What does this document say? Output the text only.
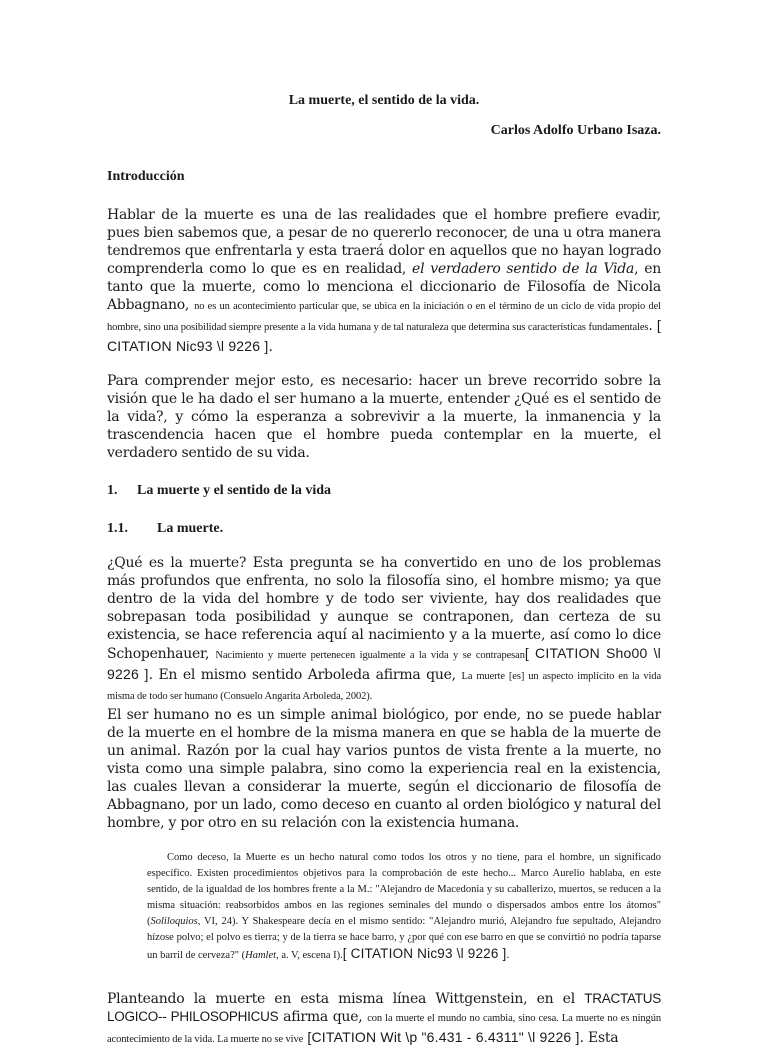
La muerte, el sentido de la vida.

Carlos Adolfo Urbano Isaza.

Introducción

Hablar de la muerte es una de las realidades que el hombre prefiere evadir, pues bien sabemos que, a pesar de no quererlo reconocer, de una u otra manera tendremos que enfrentarla y esta traerá dolor en aquellos que no hayan logrado comprenderla como lo que es en realidad, el verdadero sentido de la Vida, en tanto que la muerte, como lo menciona el diccionario de Filosofía de Nicola Abbagnano, no es un acontecimiento particular que, se ubica en la iniciación o en el término de un ciclo de vida propio del hombre, sino una posibilidad siempre presente a la vida humana y de tal naturaleza que determina sus características fundamentales. [ CITATION Nic93 \l 9226 ].

Para comprender mejor esto, es necesario: hacer un breve recorrido sobre la visión que le ha dado el ser humano a la muerte, entender ¿Qué es el sentido de la vida?, y cómo la esperanza a sobrevivir a la muerte, la inmanencia y la trascendencia hacen que el hombre pueda contemplar en la muerte, el verdadero sentido de su vida.

1. La muerte y el sentido de la vida

1.1. La muerte.

¿Qué es la muerte? Esta pregunta se ha convertido en uno de los problemas más profundos que enfrenta, no solo la filosofía sino, el hombre mismo; ya que dentro de la vida del hombre y de todo ser viviente, hay dos realidades que sobrepasan toda posibilidad y aunque se contraponen, dan certeza de su existencia, se hace referencia aquí al nacimiento y a la muerte, así como lo dice Schopenhauer, Nacimiento y muerte pertenecen igualmente a la vida y se contrapesan[ CITATION Sho00 \l 9226 ]. En el mismo sentido Arboleda afirma que, La muerte [es] un aspecto implícito en la vida misma de todo ser humano (Consuelo Angarita Arboleda, 2002).

El ser humano no es un simple animal biológico, por ende, no se puede hablar de la muerte en el hombre de la misma manera en que se habla de la muerte de un animal. Razón por la cual hay varios puntos de vista frente a la muerte, no vista como una simple palabra, sino como la experiencia real en la existencia, las cuales llevan a considerar la muerte, según el diccionario de filosofía de Abbagnano, por un lado, como deceso en cuanto al orden biológico y natural del hombre, y por otro en su relación con la existencia humana.

Como deceso, la Muerte es un hecho natural como todos los otros y no tiene, para el hombre, un significado específico. Existen procedimientos objetivos para la comprobación de este hecho... Marco Aurelio hablaba, en este sentido, de la igualdad de los hombres frente a la M.: "Alejandro de Macedonia y su caballerizo, muertos, se reducen a la misma situación: reabsorbidos ambos en las regiones seminales del mundo o dispersados ambos entre los átomos" (Soliloquios, VI, 24). Y Shakespeare decía en el mismo sentido: "Alejandro murió, Alejandro fue sepultado, Alejandro hízose polvo; el polvo es tierra; y de la tierra se hace barro, y ¿por qué con ese barro en que se convirtió no podría taparse un barril de cerveza?" (Hamlet, a. V, escena I).[ CITATION Nic93 \l 9226 ].

Planteando la muerte en esta misma línea Wittgenstein, en el TRACTATUS LOGICO-- PHILOSOPHICUS afirma que, con la muerte el mundo no cambia, sino cesa. La muerte no es ningún acontecimiento de la vida. La muerte no se vive [CITATION Wit \p "6.431 - 6.4311" \l 9226 ]. Esta
